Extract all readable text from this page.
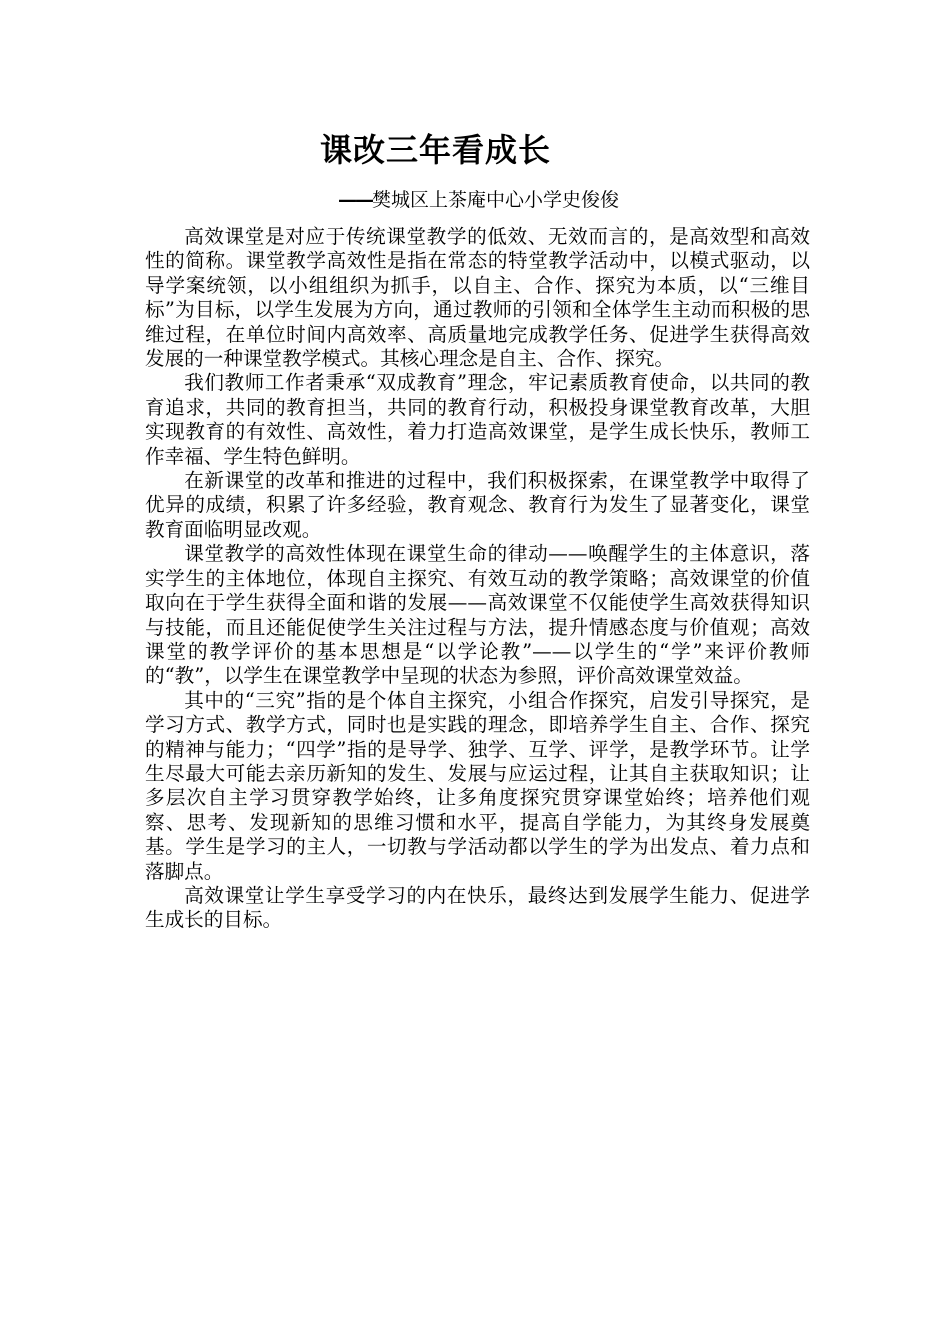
课改三年看成长

——樊城区上茶庵中心小学史俊俊

高效课堂是对应于传统课堂教学的低效、无效而言的，是高效型和高效性的简称。课堂教学高效性是指在常态的特堂教学活动中，以模式驱动，以导学案统领，以小组组织为抓手，以自主、合作、探究为本质，以“三维目标”为目标，以学生发展为方向，通过教师的引领和全体学生主动而积极的思维过程，在单位时间内高效率、高质量地完成教学任务、促进学生获得高效发展的一种课堂教学模式。其核心理念是自主、合作、探究。

我们教师工作者秉承“双成教育”理念，牢记素质教育使命，以共同的教育追求，共同的教育担当，共同的教育行动，积极投身课堂教育改革，大胆实现教育的有效性、高效性，着力打造高效课堂，是学生成长快乐，教师工作幸福、学生特色鲜明。

在新课堂的改革和推进的过程中，我们积极探索，在课堂教学中取得了优异的成绩，积累了许多经验，教育观念、教育行为发生了显著变化，课堂教育面临明显改观。

课堂教学的高效性体现在课堂生命的律动——唤醒学生的主体意识，落实学生的主体地位，体现自主探究、有效互动的教学策略；高效课堂的价值取向在于学生获得全面和谐的发展——高效课堂不仅能使学生高效获得知识与技能，而且还能促使学生关注过程与方法，提升情感态度与价值观；高效课堂的教学评价的基本思想是“以学论教”——以学生的“学”来评价教师的“教”，以学生在课堂教学中呈现的状态为参照，评价高效课堂效益。

其中的“三究”指的是个体自主探究，小组合作探究，启发引导探究，是学习方式、教学方式，同时也是实践的理念，即培养学生自主、合作、探究的精神与能力；“四学”指的是导学、独学、互学、评学，是教学环节。让学生尽最大可能去亲历新知的发生、发展与应运过程，让其自主获取知识；让多层次自主学习贯穿教学始终，让多角度探究贯穿课堂始终；培养他们观察、思考、发现新知的思维习惯和水平，提高自学能力，为其终身发展奠基。学生是学习的主人，一切教与学活动都以学生的学为出发点、着力点和落脚点。

高效课堂让学生享受学习的内在快乐，最终达到发展学生能力、促进学生成长的目标。
